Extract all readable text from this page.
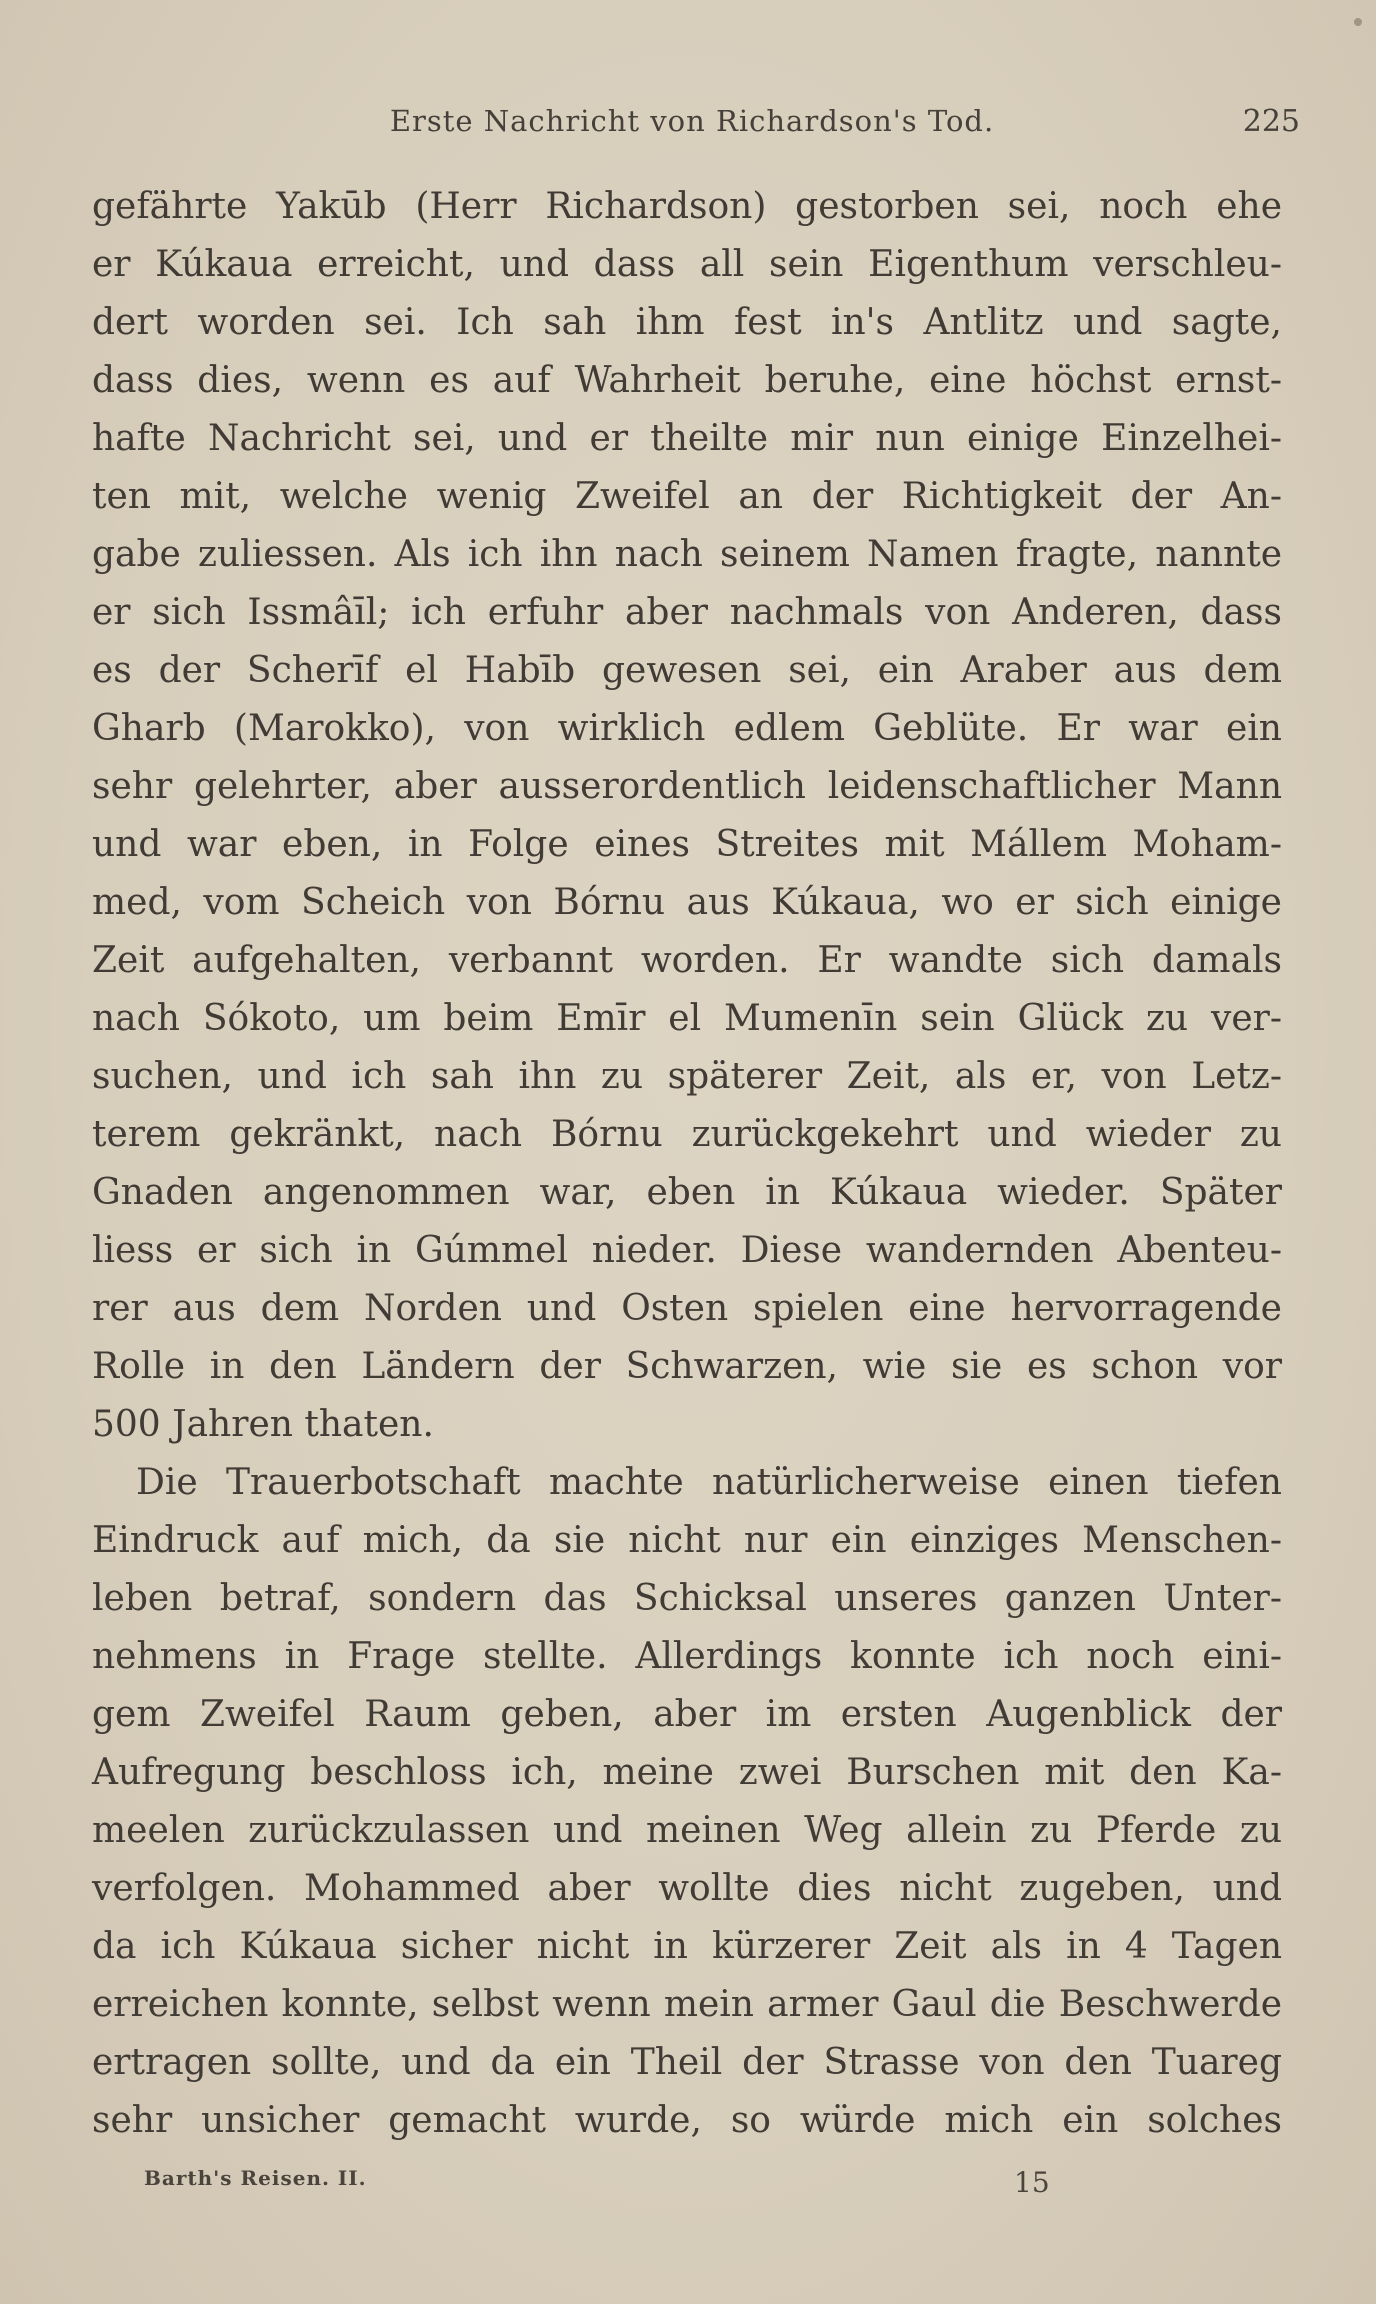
Erste Nachricht von Richardson's Tod.	225
gefährte Yakūb (Herr Richardson) gestorben sei, noch ehe
er Kúkaua erreicht, und dass all sein Eigenthum verschleu-
dert worden sei. Ich sah ihm fest in's Antlitz und sagte,
dass dies, wenn es auf Wahrheit beruhe, eine höchst ernst-
hafte Nachricht sei, und er theilte mir nun einige Einzelhei-
ten mit, welche wenig Zweifel an der Richtigkeit der An-
gabe zuliessen. Als ich ihn nach seinem Namen fragte, nannte
er sich Issmâīl; ich erfuhr aber nachmals von Anderen, dass
es der Scherīf el Habīb gewesen sei, ein Araber aus dem
Gharb (Marokko), von wirklich edlem Geblüte. Er war ein
sehr gelehrter, aber ausserordentlich leidenschaftlicher Mann
und war eben, in Folge eines Streites mit Mállem Moham-
med, vom Scheich von Bórnu aus Kúkaua, wo er sich einige
Zeit aufgehalten, verbannt worden. Er wandte sich damals
nach Sókoto, um beim Emīr el Mumenīn sein Glück zu ver-
suchen, und ich sah ihn zu späterer Zeit, als er, von Letz-
terem gekränkt, nach Bórnu zurückgekehrt und wieder zu
Gnaden angenommen war, eben in Kúkaua wieder. Später
liess er sich in Gúmmel nieder. Diese wandernden Abenteu-
rer aus dem Norden und Osten spielen eine hervorragende
Rolle in den Ländern der Schwarzen, wie sie es schon vor
500 Jahren thaten.
Die Trauerbotschaft machte natürlicherweise einen tiefen
Eindruck auf mich, da sie nicht nur ein einziges Menschen-
leben betraf, sondern das Schicksal unseres ganzen Unter-
nehmens in Frage stellte. Allerdings konnte ich noch eini-
gem Zweifel Raum geben, aber im ersten Augenblick der
Aufregung beschloss ich, meine zwei Burschen mit den Ka-
meelen zurückzulassen und meinen Weg allein zu Pferde zu
verfolgen. Mohammed aber wollte dies nicht zugeben, und
da ich Kúkaua sicher nicht in kürzerer Zeit als in 4 Tagen
erreichen konnte, selbst wenn mein armer Gaul die Beschwerde
ertragen sollte, und da ein Theil der Strasse von den Tuareg
sehr unsicher gemacht wurde, so würde mich ein solches
Barth's Reisen. II.	15
